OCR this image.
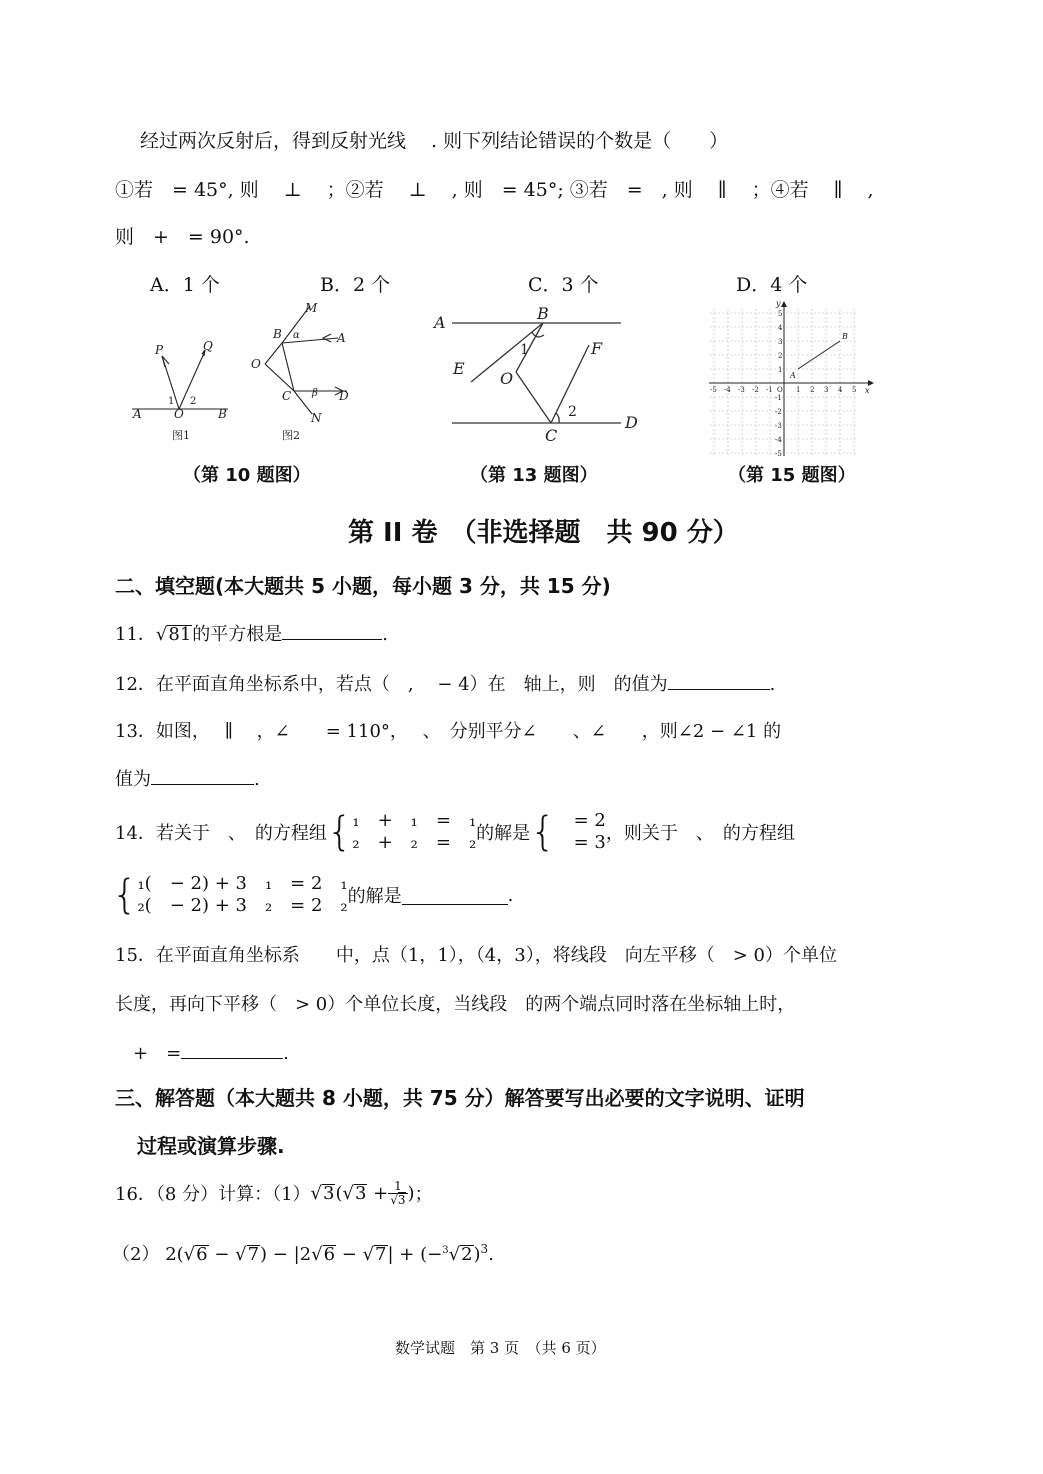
经过两次反射后，得到反射光线　 . 则下列结论错误的个数是（　　）
①若　= 45°, 则　 ⊥　 ；②若　 ⊥　 , 则　= 45°; ③若　=　, 则　 ∥　 ；④若　 ∥　 ,
则　+　= 90°.
A．1 个	B．2 个	C．3 个	D．4 个
P	Q
1 2
A	O	B
M
B α	A
O
C β D
N
图1	图2
A	B
1
E
O
F
2
C
D
-5 -4 -3 -2 -1 O 1 2 3 4 5
5
4
3
2
1
-1
-2
-3
-4
-5
x
y
A
B
（第 10 题图）	（第 13 题图）	（第 15 题图）
第 II 卷　（非选择题　共 90 分）
二、填空题(本大题共 5 小题，每小题 3 分，共 15 分)
11．√81的平方根是	.
12．在平面直角坐标系中，若点（　,　 − 4）在　轴上，则　的值为	.
13．如图，　 ∥　 ，∠　　= 110°，　 、　分别平分∠　　、∠　　，则∠2 − ∠1 的
值为	.
14．若关于　、　的方程组 { ₁　+　₁　=　₁
₂　+　₂　=　₂ 的解是 { 　= 2
　= 3 ，则关于　、　的方程组
{ ₁(　− 2) + 3　₁　= 2　₁
₂(　− 2) + 3　₂　= 2　₂ 的解是	.
15．在平面直角坐标系　　中，点（1，1），（4，3），将线段　向左平移（　> 0）个单位
长度，再向下平移（　> 0）个单位长度，当线段　的两个端点同时落在坐标轴上时，
　+　=	.
三、解答题（本大题共 8 小题，共 75 分）解答要写出必要的文字说明、证明
过程或演算步骤.
16．（8 分）计算：（1） $√3(√3 + \frac{1}{√3}$ ) ；
（2） $2(√6 - √7) - |2√6 - √7| + (-^3√2)^3$.
数学试题　第 3 页　（共 6 页）
